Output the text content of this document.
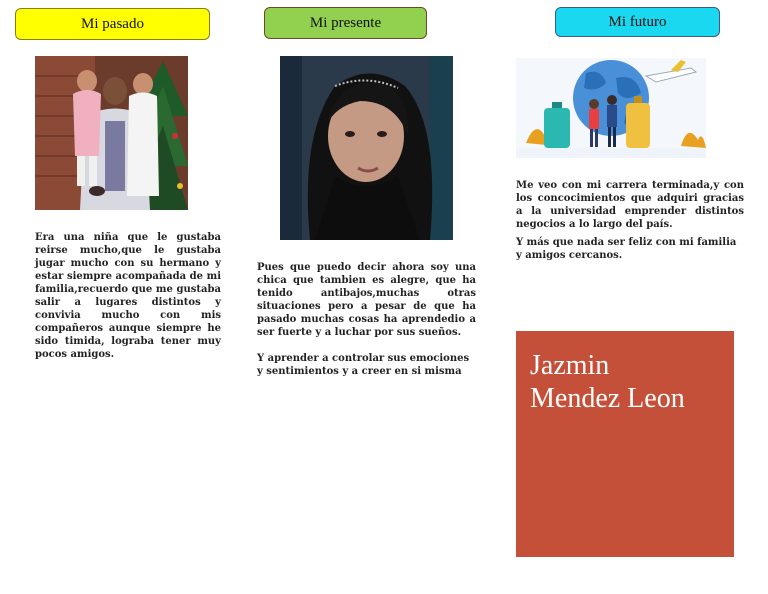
Mi pasado	Mi presente	Mi futuro
Era una niña que le gustaba reirse mucho,que le gustaba jugar mucho con su hermano y estar siempre acompañada de mi familia,recuerdo que me gustaba salir a lugares distintos y convivia mucho con mis compañeros aunque siempre he sido timida, lograba tener muy pocos amigos.
Pues que puedo decir ahora soy una chica que tambien es alegre, que ha tenido antibajos,muchas otras situaciones pero a pesar de que ha pasado muchas cosas ha aprendedio a ser fuerte y a luchar por sus sueños.
Y aprender a controlar sus emociones y sentimientos y a creer en si misma
Me veo con mi carrera terminada,y con los concocimientos que adquiri gracias a la universidad emprender distintos negocios a lo largo del país.
Y más que nada ser feliz con mi familia y amigos cercanos.
Jazmin
Mendez Leon
